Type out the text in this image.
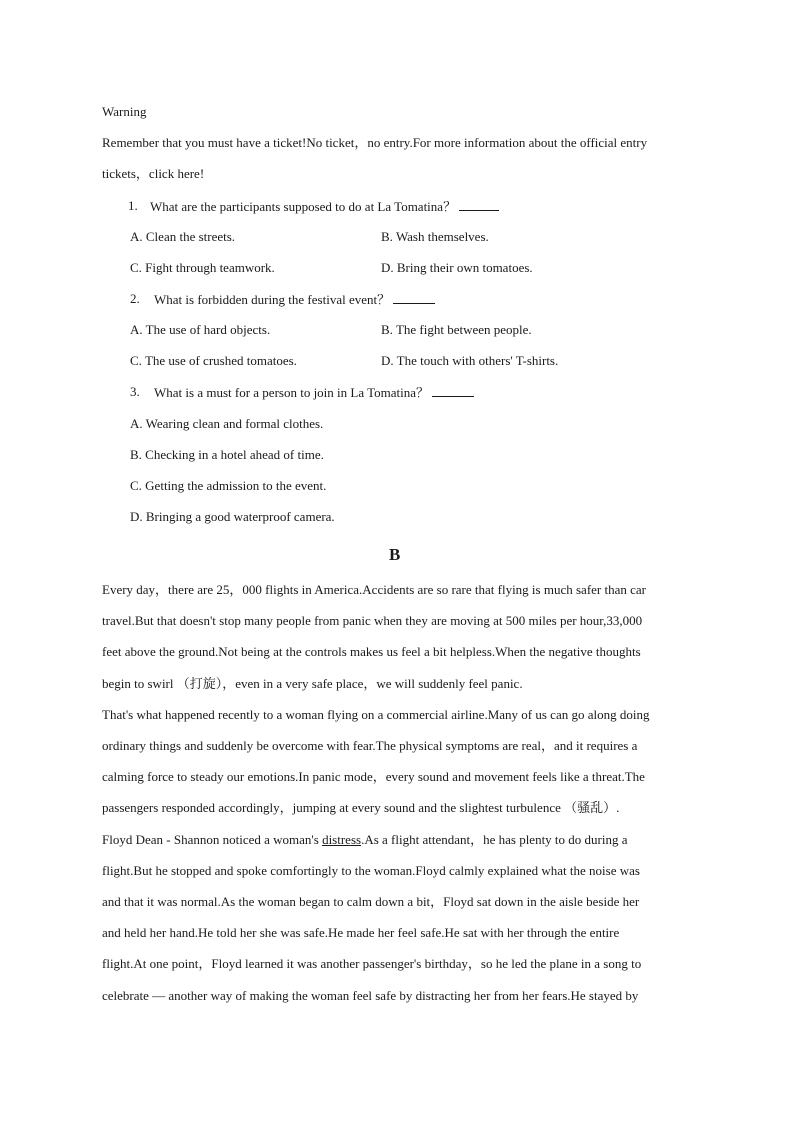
Warning
Remember that you must have a ticket!No ticket，no entry.For more information about the official entry
tickets，click here!
1. What are the participants supposed to do at La Tomatina？
A. Clean the streets.	B. Wash themselves.
C. Fight through teamwork.	D. Bring their own tomatoes.
2. What is forbidden during the festival event？
A. The use of hard objects.	B. The fight between people.
C. The use of crushed tomatoes.	D. The touch with others' T-shirts.
3. What is a must for a person to join in La Tomatina？
A. Wearing clean and formal clothes.
B. Checking in a hotel ahead of time.
C. Getting the admission to the event.
D. Bringing a good waterproof camera.
B
Every day，there are 25，000 flights in America.Accidents are so rare that flying is much safer than car
travel.But that doesn't stop many people from panic when they are moving at 500 miles per hour,33,000
feet above the ground.Not being at the controls makes us feel a bit helpless.When the negative thoughts
begin to swirl （打旋），even in a very safe place，we will suddenly feel panic.
That's what happened recently to a woman flying on a commercial airline.Many of us can go along doing
ordinary things and suddenly be overcome with fear.The physical symptoms are real，and it requires a
calming force to steady our emotions.In panic mode，every sound and movement feels like a threat.The
passengers responded accordingly，jumping at every sound and the slightest turbulence （骚乱）.
Floyd Dean - Shannon noticed a woman's distress.As a flight attendant，he has plenty to do during a
flight.But he stopped and spoke comfortingly to the woman.Floyd calmly explained what the noise was
and that it was normal.As the woman began to calm down a bit，Floyd sat down in the aisle beside her
and held her hand.He told her she was safe.He made her feel safe.He sat with her through the entire
flight.At one point，Floyd learned it was another passenger's birthday，so he led the plane in a song to
celebrate — another way of making the woman feel safe by distracting her from her fears.He stayed by
